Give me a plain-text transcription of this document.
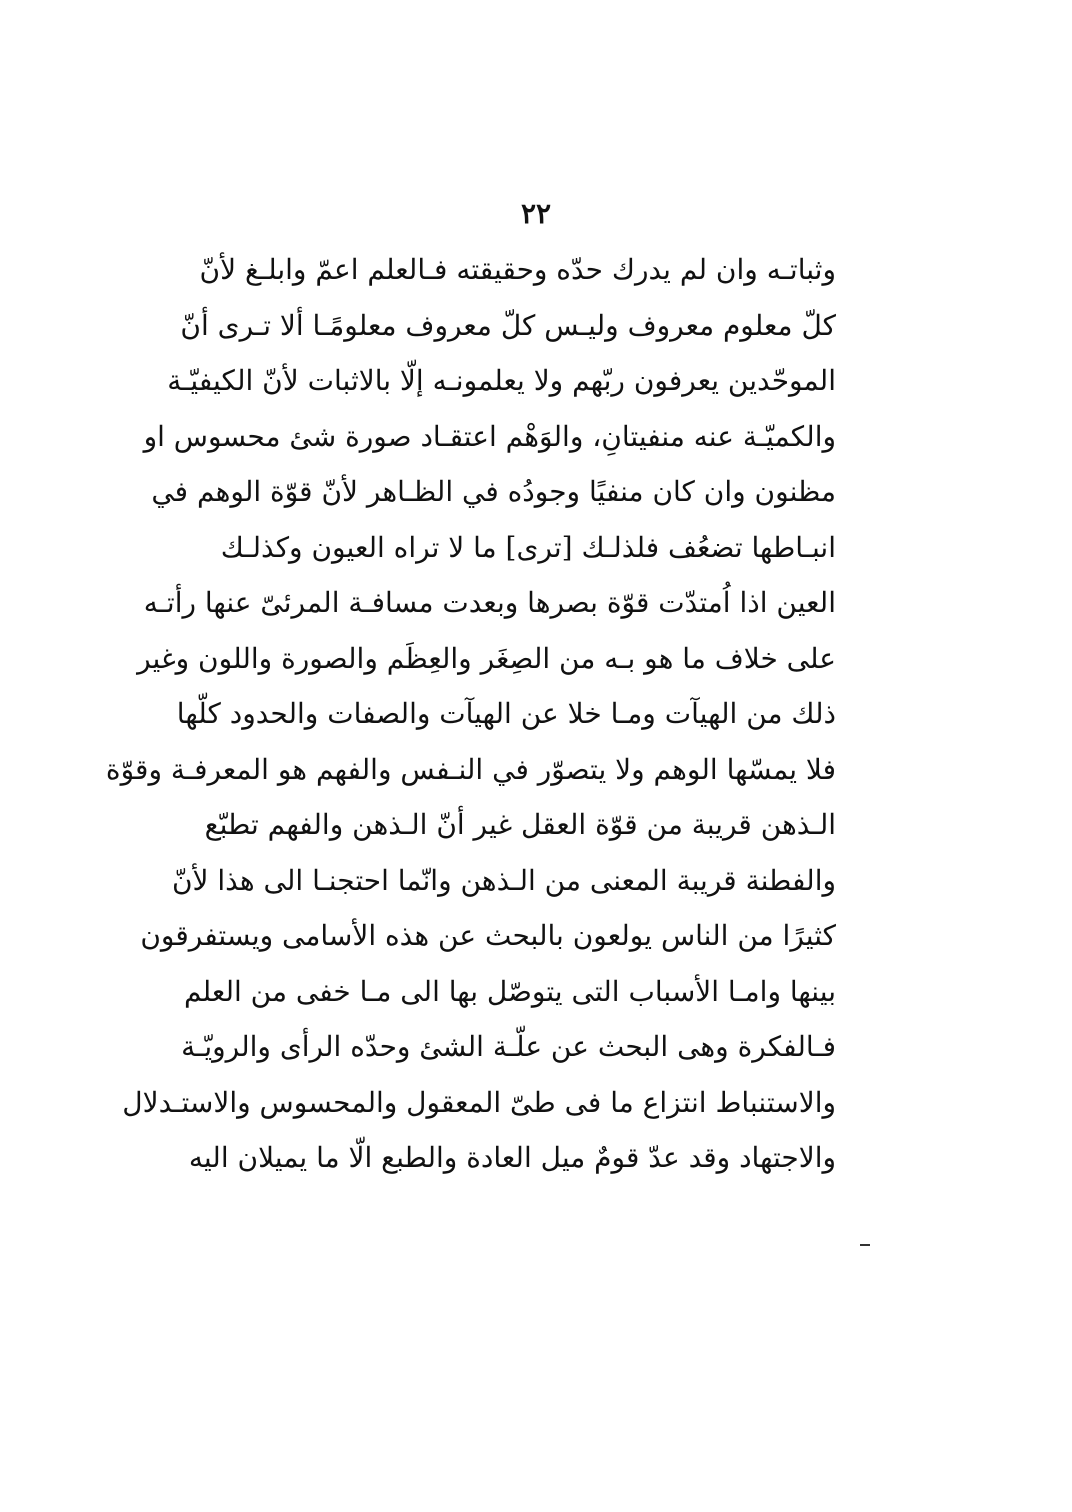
٢٢
وثباتـه وان لم يدرك حدّه وحقيقته فـالعلم اعمّ وابلـغ لأنّ
كلّ معلوم معروف وليـس كلّ معروف معلومًـا ألا تـرى أنّ
الموحّدين يعرفون ربّهم ولا يعلمونـه إلّا بالاثبات لأنّ الكيفيّـة
والكميّـة عنه منفيتانِ، والوَهْم اعتقـاد صورة شئ محسوس او
مظنون وان كان منفيًا وجودُه في الظـاهر لأنّ قوّة الوهم في
انبـاطها تضعُف فلذلـك [ترى] ما لا تراه العيون وكذلـك
العين اذا اُمتدّت قوّة بصرها وبعدت مسافـة المرئىّ عنها رأتـه
على خلاف ما هو بـه من الصِغَر والعِظَم والصورة واللون وغير
ذلك من الهيآت ومـا خلا عن الهيآت والصفات والحدود كلّها
فلا يمسّها الوهم ولا يتصوّر في النـفس والفهم هو المعرفـة وقوّة
الـذهن قريبة من قوّة العقل غير أنّ الـذهن والفهم تطبّع
والفطنة قريبة المعنى من الـذهن وانّما احتجنـا الى هذا لأنّ
كثيرًا من الناس يولعون بالبحث عن هذه الأسامى ويستفرقون
بينها وامـا الأسباب التى يتوصّل بها الى مـا خفى من العلم
فـالفكرة وهى البحث عن علّـة الشئ وحدّه الرأى والرويّـة
والاستنباط انتزاع ما فى طىّ المعقول والمحسوس والاستـدلال
والاجتهاد وقد عدّ قومٌ ميل العادة والطبع الّا ما يميلان اليه
